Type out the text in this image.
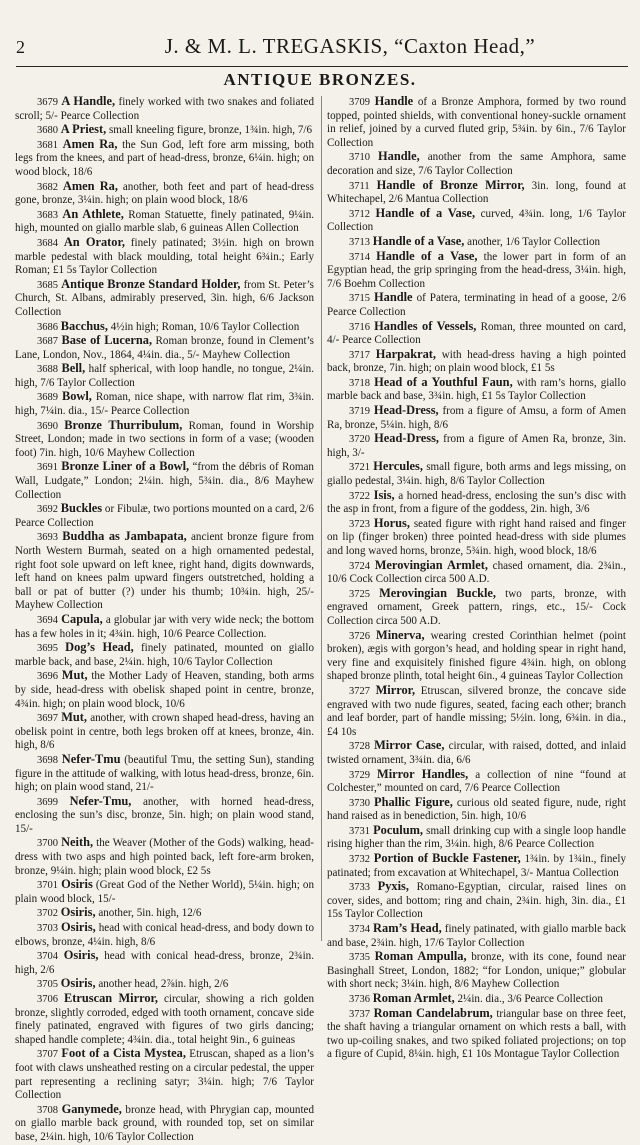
2	J. & M. L. TREGASKIS, “Caxton Head,”
ANTIQUE BRONZES.

3679 A Handle, finely worked with two snakes and foliated scroll; 5/- Pearce Collection

3680 A Priest, small kneeling figure, bronze, 1¾in. high, 7/6

3681 Amen Ra, the Sun God, left fore arm missing, both legs from the knees, and part of head-dress, bronze, 6¼in. high; on wood block, 18/6

3682 Amen Ra, another, both feet and part of head-dress gone, bronze, 3¼in. high; on plain wood block, 18/6

3683 An Athlete, Roman Statuette, finely patinated, 9¼in. high, mounted on giallo marble slab, 6 guineas Allen Collection

3684 An Orator, finely patinated; 3½in. high on brown marble pedestal with black moulding, total height 6¾in.; Early Roman; £1 5s Taylor Collection

3685 Antique Bronze Standard Holder, from St. Peter’s Church, St. Albans, admirably preserved, 3in. high, 6/6 Jackson Collection

3686 Bacchus, 4½in high; Roman, 10/6 Taylor Collection

3687 Base of Lucerna, Roman bronze, found in Clement’s Lane, London, Nov., 1864, 4¼in. dia., 5/- Mayhew Collection

3688 Bell, half spherical, with loop handle, no tongue, 2¼in. high, 7/6 Taylor Collection

3689 Bowl, Roman, nice shape, with narrow flat rim, 3¾in. high, 7¼in. dia., 15/- Pearce Collection

3690 Bronze Thurribulum, Roman, found in Worship Street, London; made in two sections in form of a vase; (wooden foot) 7in. high, 10/6 Mayhew Collection

3691 Bronze Liner of a Bowl, “from the débris of Roman Wall, Ludgate,” London; 2¼in. high, 5¾in. dia., 8/6 Mayhew Collection

3692 Buckles or Fibulæ, two portions mounted on a card, 2/6 Pearce Collection

3693 Buddha as Jambapata, ancient bronze figure from North Western Burmah, seated on a high ornamented pedestal, right foot sole upward on left knee, right hand, digits downwards, left hand on knees palm upward fingers outstretched, holding a ball or pat of butter (?) under his thumb; 10¾in. high, 25/- Mayhew Collection

3694 Capula, a globular jar with very wide neck; the bottom has a few holes in it; 4¾in. high, 10/6 Pearce Collection.

3695 Dog’s Head, finely patinated, mounted on giallo marble back, and base, 2¼in. high, 10/6 Taylor Collection

3696 Mut, the Mother Lady of Heaven, standing, both arms by side, head-dress with obelisk shaped point in centre, bronze, 4¾in. high; on plain wood block, 10/6

3697 Mut, another, with crown shaped head-dress, having an obelisk point in centre, both legs broken off at knees, bronze, 4in. high, 8/6

3698 Nefer-Tmu (beautiful Tmu, the setting Sun), standing figure in the attitude of walking, with lotus head-dress, bronze, 6in. high; on plain wood stand, 21/-

3699 Nefer-Tmu, another, with horned head-dress, enclosing the sun’s disc, bronze, 5in. high; on plain wood stand, 15/-

3700 Neith, the Weaver (Mother of the Gods) walking, head-dress with two asps and high pointed back, left fore-arm broken, bronze, 9¼in. high; plain wood block, £2 5s

3701 Osiris (Great God of the Nether World), 5¼in. high; on plain wood block, 15/-

3702 Osiris, another, 5in. high, 12/6

3703 Osiris, head with conical head-dress, and body down to elbows, bronze, 4¼in. high, 8/6

3704 Osiris, head with conical head-dress, bronze, 2¾in. high, 2/6

3705 Osiris, another head, 2⅞in. high, 2/6

3706 Etruscan Mirror, circular, showing a rich golden bronze, slightly corroded, edged with tooth ornament, concave side finely patinated, engraved with figures of two girls dancing; shaped handle complete; 4¾in. dia., total height 9in., 6 guineas

3707 Foot of a Cista Mystea, Etruscan, shaped as a lion’s foot with claws unsheathed resting on a circular pedestal, the upper part representing a reclining satyr; 3¼in. high; 7/6 Taylor Collection

3708 Ganymede, bronze head, with Phrygian cap, mounted on giallo marble back ground, with rounded top, set on similar base, 2¼in. high, 10/6 Taylor Collection

3709 Handle of a Bronze Amphora, formed by two round topped, pointed shields, with conventional honey-suckle ornament in relief, joined by a curved fluted grip, 5¾in. by 6in., 7/6 Taylor Collection

3710 Handle, another from the same Amphora, same decoration and size, 7/6 Taylor Collection

3711 Handle of Bronze Mirror, 3in. long, found at Whitechapel, 2/6 Mantua Collection

3712 Handle of a Vase, curved, 4¾in. long, 1/6 Taylor Collection

3713 Handle of a Vase, another, 1/6 Taylor Collection

3714 Handle of a Vase, the lower part in form of an Egyptian head, the grip springing from the head-dress, 3¼in. high, 7/6 Boehm Collection

3715 Handle of Patera, terminating in head of a goose, 2/6 Pearce Collection

3716 Handles of Vessels, Roman, three mounted on card, 4/- Pearce Collection

3717 Harpakrat, with head-dress having a high pointed back, bronze, 7in. high; on plain wood block, £1 5s

3718 Head of a Youthful Faun, with ram’s horns, giallo marble back and base, 3¾in. high, £1 5s Taylor Collection

3719 Head-Dress, from a figure of Amsu, a form of Amen Ra, bronze, 5¼in. high, 8/6

3720 Head-Dress, from a figure of Amen Ra, bronze, 3in. high, 3/-

3721 Hercules, small figure, both arms and legs missing, on giallo pedestal, 3¼in. high, 8/6 Taylor Collection

3722 Isis, a horned head-dress, enclosing the sun’s disc with the asp in front, from a figure of the goddess, 2in. high, 3/6

3723 Horus, seated figure with right hand raised and finger on lip (finger broken) three pointed head-dress with side plumes and long waved horns, bronze, 5¾in. high, wood block, 18/6

3724 Merovingian Armlet, chased ornament, dia. 2¾in., 10/6 Cock Collection circa 500 A.D.

3725 Merovingian Buckle, two parts, bronze, with engraved ornament, Greek pattern, rings, etc., 15/- Cock Collection circa 500 A.D.

3726 Minerva, wearing crested Corinthian helmet (point broken), ægis with gorgon’s head, and holding spear in right hand, very fine and exquisitely finished figure 4¾in. high, on oblong shaped bronze plinth, total height 6in., 4 guineas Taylor Collection

3727 Mirror, Etruscan, silvered bronze, the concave side engraved with two nude figures, seated, facing each other; branch and leaf border, part of handle missing; 5½in. long, 6¾in. in dia., £4 10s

3728 Mirror Case, circular, with raised, dotted, and inlaid twisted ornament, 3¾in. dia, 6/6

3729 Mirror Handles, a collection of nine “found at Colchester,” mounted on card, 7/6 Pearce Collection

3730 Phallic Figure, curious old seated figure, nude, right hand raised as in benediction, 5in. high, 10/6

3731 Poculum, small drinking cup with a single loop handle rising higher than the rim, 3¼in. high, 8/6 Pearce Collection

3732 Portion of Buckle Fastener, 1¾in. by 1¾in., finely patinated; from excavation at Whitechapel, 3/- Mantua Collection

3733 Pyxis, Romano-Egyptian, circular, raised lines on cover, sides, and bottom; ring and chain, 2¾in. high, 3in. dia., £1 15s Taylor Collection

3734 Ram’s Head, finely patinated, with giallo marble back and base, 2¾in. high, 17/6 Taylor Collection

3735 Roman Ampulla, bronze, with its cone, found near Basinghall Street, London, 1882; “for London, unique;” globular with short neck; 3¼in. high, 8/6 Mayhew Collection

3736 Roman Armlet, 2¼in. dia., 3/6 Pearce Collection

3737 Roman Candelabrum, triangular base on three feet, the shaft having a triangular ornament on which rests a ball, with two up-coiling snakes, and two spiked foliated projections; on top a figure of Cupid, 8¼in. high, £1 10s Montague Taylor Collection
